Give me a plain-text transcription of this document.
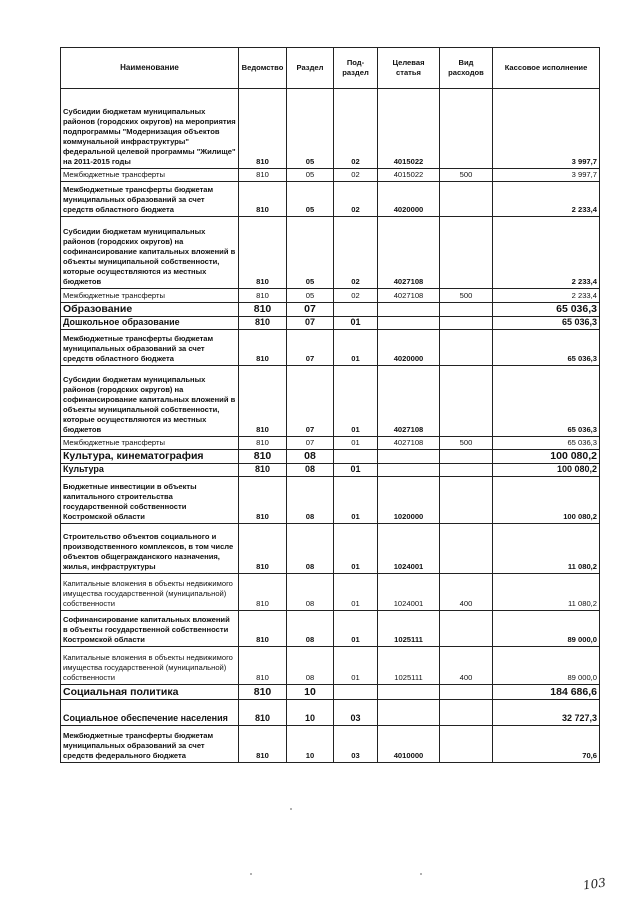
Наименование	Ведомство	Раздел	Под- раздел	Целевая статья	Вид расходов	Кассовое исполнение
Субсидии бюджетам муниципальных районов (городских округов) на мероприятия подпрограммы "Модернизация объектов коммунальной инфраструктуры" федеральной целевой программы "Жилище" на 2011-2015 годы	810	05	02	4015022		3 997,7
Межбюджетные трансферты	810	05	02	4015022	500	3 997,7
Межбюджетные трансферты бюджетам муниципальных образований за счет средств областного бюджета	810	05	02	4020000		2 233,4
Субсидии бюджетам муниципальных районов (городских округов) на софинансирование капитальных вложений в объекты муниципальной собственности, которые осуществляются из местных бюджетов	810	05	02	4027108		2 233,4
Межбюджетные трансферты	810	05	02	4027108	500	2 233,4
Образование	810	07				65 036,3
Дошкольное образование	810	07	01			65 036,3
Межбюджетные трансферты бюджетам муниципальных образований за счет средств областного бюджета	810	07	01	4020000		65 036,3
Субсидии бюджетам муниципальных районов (городских округов) на софинансирование капитальных вложений в объекты муниципальной собственности, которые осуществляются из местных бюджетов	810	07	01	4027108		65 036,3
Межбюджетные трансферты	810	07	01	4027108	500	65 036,3
Культура, кинематография	810	08				100 080,2
Культура	810	08	01			100 080,2
Бюджетные инвестиции в объекты капитального строительства государственной собственности Костромской области	810	08	01	1020000		100 080,2
Строительство объектов социального и производственного комплексов, в том числе объектов общегражданского назначения, жилья, инфраструктуры	810	08	01	1024001		11 080,2
Капитальные вложения в объекты недвижимого имущества государственной (муниципальной) собственности	810	08	01	1024001	400	11 080,2
Софинансирование капитальных вложений в объекты государственной собственности Костромской области	810	08	01	1025111		89 000,0
Капитальные вложения в объекты недвижимого имущества государственной (муниципальной) собственности	810	08	01	1025111	400	89 000,0
Социальная политика	810	10				184 686,6
Социальное обеспечение населения	810	10	03			32 727,3
Межбюджетные трансферты бюджетам муниципальных образований за счет средств федерального бюджета	810	10	03	4010000		70,6
103
